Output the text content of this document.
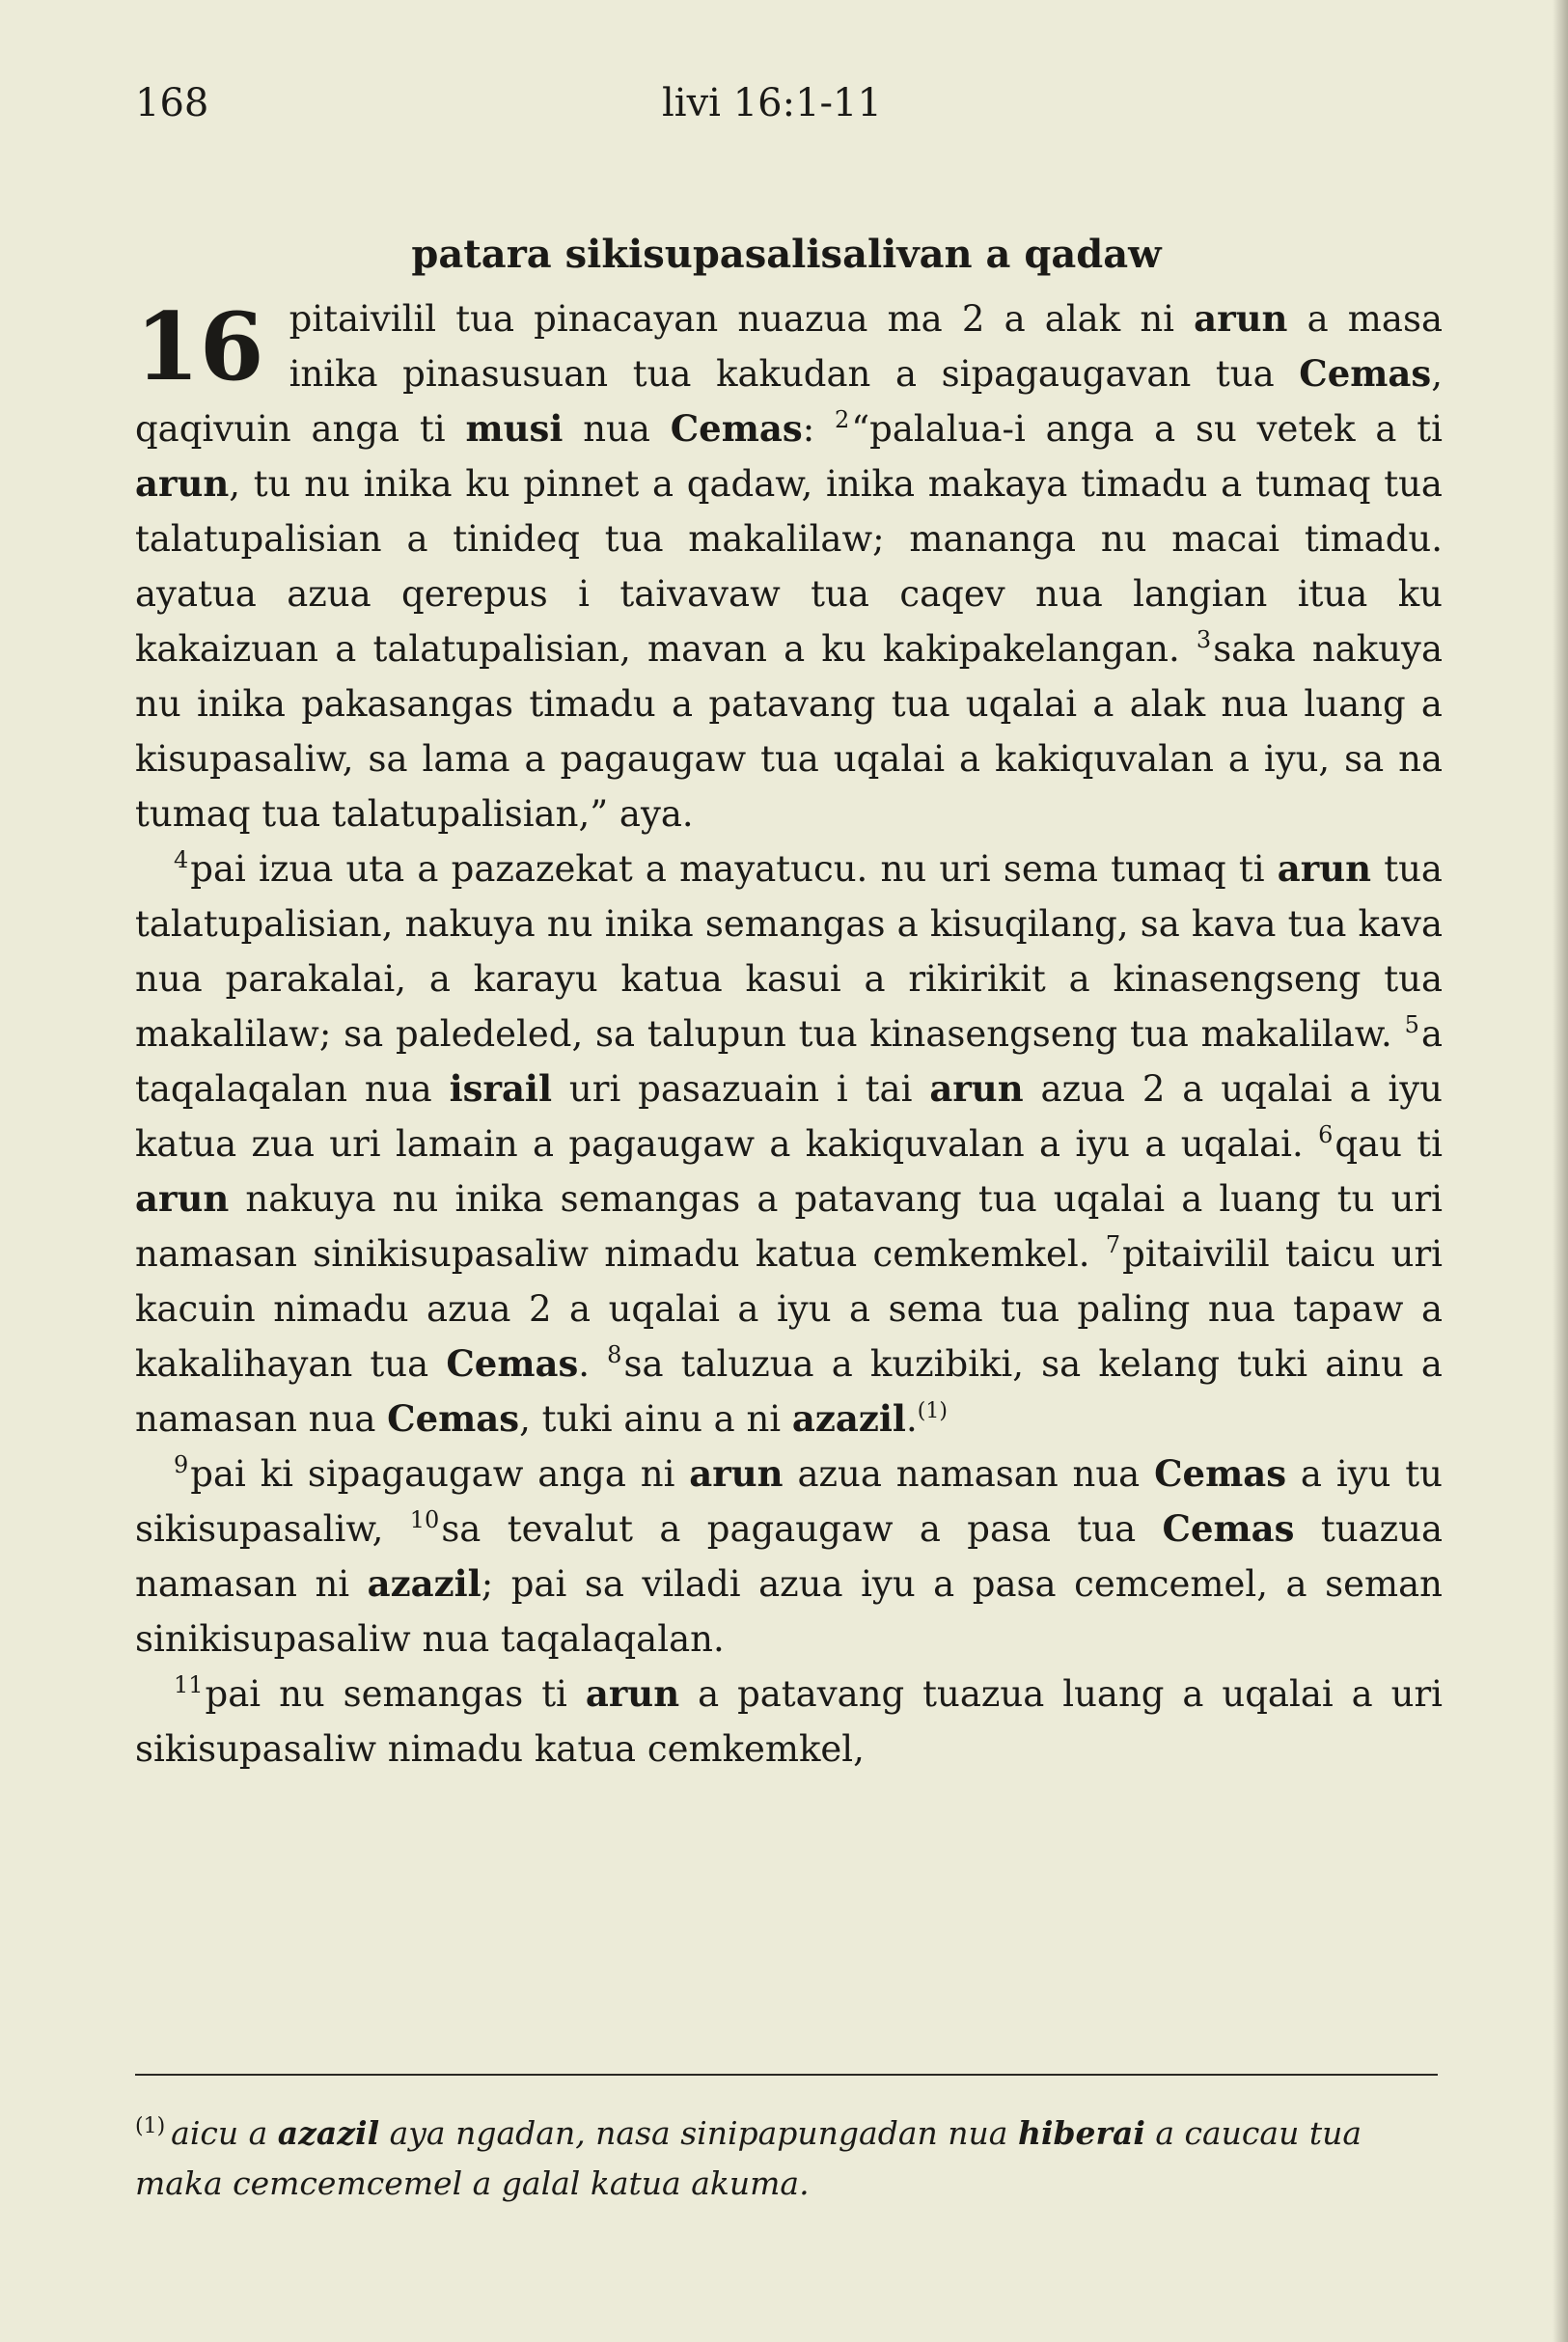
168	livi 16:1-11
patara sikisupasalisalivan a qadaw

16 pitaivilil tua pinacayan nuazua ma 2 a alak ni arun a masa inika pinasusuan tua kakudan a sipagaugavan tua Cemas, qaqivuin anga ti musi nua Cemas: $^2$“palalua-i anga a su vetek a ti arun, tu nu inika ku pinnet a qadaw, inika makaya timadu a tumaq tua talatupalisian a tinideq tua makalilaw; mananga nu macai timadu. ayatua azua qerepus i taivavaw tua caqev nua langian itua ku kakaizuan a talatupalisian, mavan a ku kakipakelangan. $^3$saka nakuya nu inika pakasangas timadu a patavang tua uqalai a alak nua luang a kisupasaliw, sa lama a pagaugaw tua uqalai a kakiquvalan a iyu, sa na tumaq tua talatupalisian,” aya.

$^4$pai izua uta a pazazekat a mayatucu. nu uri sema tumaq ti arun tua talatupalisian, nakuya nu inika semangas a kisuqilang, sa kava tua kava nua parakalai, a karayu katua kasui a rikirikit a kinasengseng tua makalilaw; sa paledeled, sa talupun tua kinasengseng tua makalilaw. $^5$a taqalaqalan nua israil uri pasazuain i tai arun azua 2 a uqalai a iyu katua zua uri lamain a pagaugaw a kakiquvalan a iyu a uqalai. $^6$qau ti arun nakuya nu inika semangas a patavang tua uqalai a luang tu uri namasan sinikisupasaliw nimadu katua cemkemkel. $^7$pitaivilil taicu uri kacuin nimadu azua 2 a uqalai a iyu a sema tua paling nua tapaw a kakalihayan tua Cemas. $^8$sa taluzua a kuzibiki, sa kelang tuki ainu a namasan nua Cemas, tuki ainu a ni azazil.$^{(1)}$

$^9$pai ki sipagaugaw anga ni arun azua namasan nua Cemas a iyu tu sikisupasaliw, $^{10}$sa tevalut a pagaugaw a pasa tua Cemas tuazua namasan ni azazil; pai sa viladi azua iyu a pasa cemcemel, a seman sinikisupasaliw nua taqalaqalan.

$^{11}$pai nu semangas ti arun a patavang tuazua luang a uqalai a uri sikisupasaliw nimadu katua cemkemkel,

$^{(1)}$ aicu a azazil aya ngadan, nasa sinipapungadan nua hiberai a caucau tua maka cemcemcemel a galal katua akuma.
